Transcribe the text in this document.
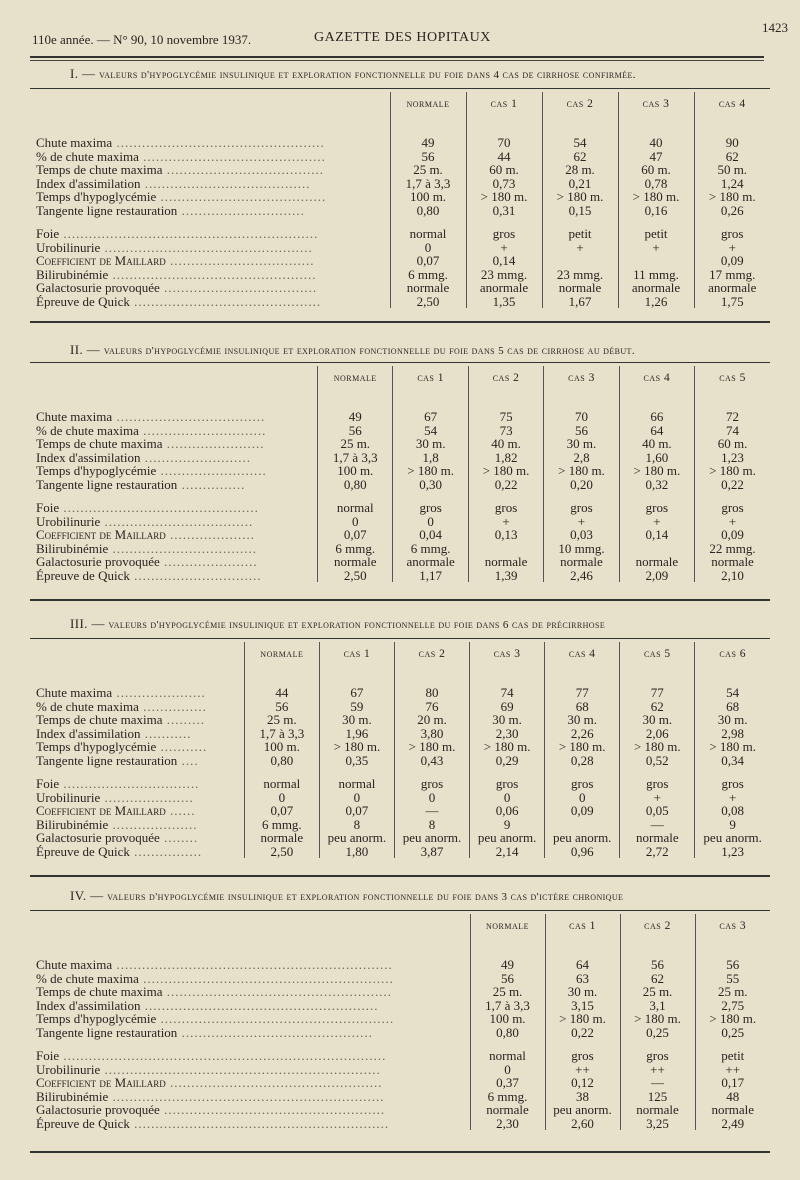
110e année. — N° 90, 10 novembre 1937.	GAZETTE DES HOPITAUX
1423
I. — valeurs d'hypoglycémie insulinique et exploration fonctionnelle du foie dans 4 cas de cirrhose confirmée.
	normale	cas 1	cas 2	cas 3	cas 4

Chute maxima .................................................	49	70	54	40	90
% de chute maxima ...........................................	56	44	62	47	62
Temps de chute maxima .....................................	25 m.	60 m.	28 m.	60 m.	50 m.
Index d'assimilation .......................................	1,7 à 3,3	0,73	0,21	0,78	1,24
Temps d'hypoglycémie .......................................	100 m.	> 180 m.	> 180 m.	> 180 m.	> 180 m.
Tangente ligne restauration .............................	0,80	0,31	0,15	0,16	0,26

Foie ............................................................	normal	gros	petit	petit	gros
Urobilinurie .................................................	0	+	+	+	+
Coefficient de Maillard ..................................	0,07	0,14			0,09
Bilirubinémie ................................................	6 mmg.	23 mmg.	23 mmg.	11 mmg.	17 mmg.
Galactosurie provoquée ....................................	normale	anormale	normale	anormale	anormale
Épreuve de Quick ............................................	2,50	1,35	1,67	1,26	1,75
II. — valeurs d'hypoglycémie insulinique et exploration fonctionnelle du foie dans 5 cas de cirrhose au début.
	normale	cas 1	cas 2	cas 3	cas 4	cas 5

Chute maxima ...................................	49	67	75	70	66	72
% de chute maxima .............................	56	54	73	56	64	74
Temps de chute maxima .......................	25 m.	30 m.	40 m.	30 m.	40 m.	60 m.
Index d'assimilation .........................	1,7 à 3,3	1,8	1,82	2,8	1,60	1,23
Temps d'hypoglycémie .........................	100 m.	> 180 m.	> 180 m.	> 180 m.	> 180 m.	> 180 m.
Tangente ligne restauration ...............	0,80	0,30	0,22	0,20	0,32	0,22

Foie ..............................................	normal	gros	gros	gros	gros	gros
Urobilinurie ...................................	0	0	+	+	+	+
Coefficient de Maillard ....................	0,07	0,04	0,13	0,03	0,14	0,09
Bilirubinémie ..................................	6 mmg.	6 mmg.		10 mmg.		22 mmg.
Galactosurie provoquée ......................	normale	anormale	normale	normale	normale	normale
Épreuve de Quick ..............................	2,50	1,17	1,39	2,46	2,09	2,10
III. — valeurs d'hypoglycémie insulinique et exploration fonctionnelle du foie dans 6 cas de précirrhose
	normale	cas 1	cas 2	cas 3	cas 4	cas 5	cas 6

Chute maxima .....................	44	67	80	74	77	77	54
% de chute maxima ...............	56	59	76	69	68	62	68
Temps de chute maxima .........	25 m.	30 m.	20 m.	30 m.	30 m.	30 m.	30 m.
Index d'assimilation ...........	1,7 à 3,3	1,96	3,80	2,30	2,26	2,06	2,98
Temps d'hypoglycémie ...........	100 m.	> 180 m.	> 180 m.	> 180 m.	> 180 m.	> 180 m.	> 180 m.
Tangente ligne restauration ....	0,80	0,35	0,43	0,29	0,28	0,52	0,34

Foie ................................	normal	normal	gros	gros	gros	gros	gros
Urobilinurie .....................	0	0	0	0	0	+	+
Coefficient de Maillard ......	0,07	0,07	—	0,06	0,09	0,05	0,08
Bilirubinémie ....................	6 mmg.	8	8	9		—	9
Galactosurie provoquée ........	normale	peu anorm.	peu anorm.	peu anorm.	peu anorm.	normale	peu anorm.
Épreuve de Quick ................	2,50	1,80	3,87	2,14	0,96	2,72	1,23
IV. — valeurs d'hypoglycémie insulinique et exploration fonctionnelle du foie dans 3 cas d'ictère chronique
	normale	cas 1	cas 2	cas 3

Chute maxima .................................................................	49	64	56	56
% de chute maxima ...........................................................	56	63	62	55
Temps de chute maxima .....................................................	25 m.	30 m.	25 m.	25 m.
Index d'assimilation .......................................................	1,7 à 3,3	3,15	3,1	2,75
Temps d'hypoglycémie .......................................................	100 m.	> 180 m.	> 180 m.	> 180 m.
Tangente ligne restauration .............................................	0,80	0,22	0,25	0,25

Foie ............................................................................	normal	gros	gros	petit
Urobilinurie .................................................................	0	++	++	++
Coefficient de Maillard ..................................................	0,37	0,12	—	0,17
Bilirubinémie ................................................................	6 mmg.	38	125	48
Galactosurie provoquée ....................................................	normale	peu anorm.	normale	normale
Épreuve de Quick ............................................................	2,30	2,60	3,25	2,49
